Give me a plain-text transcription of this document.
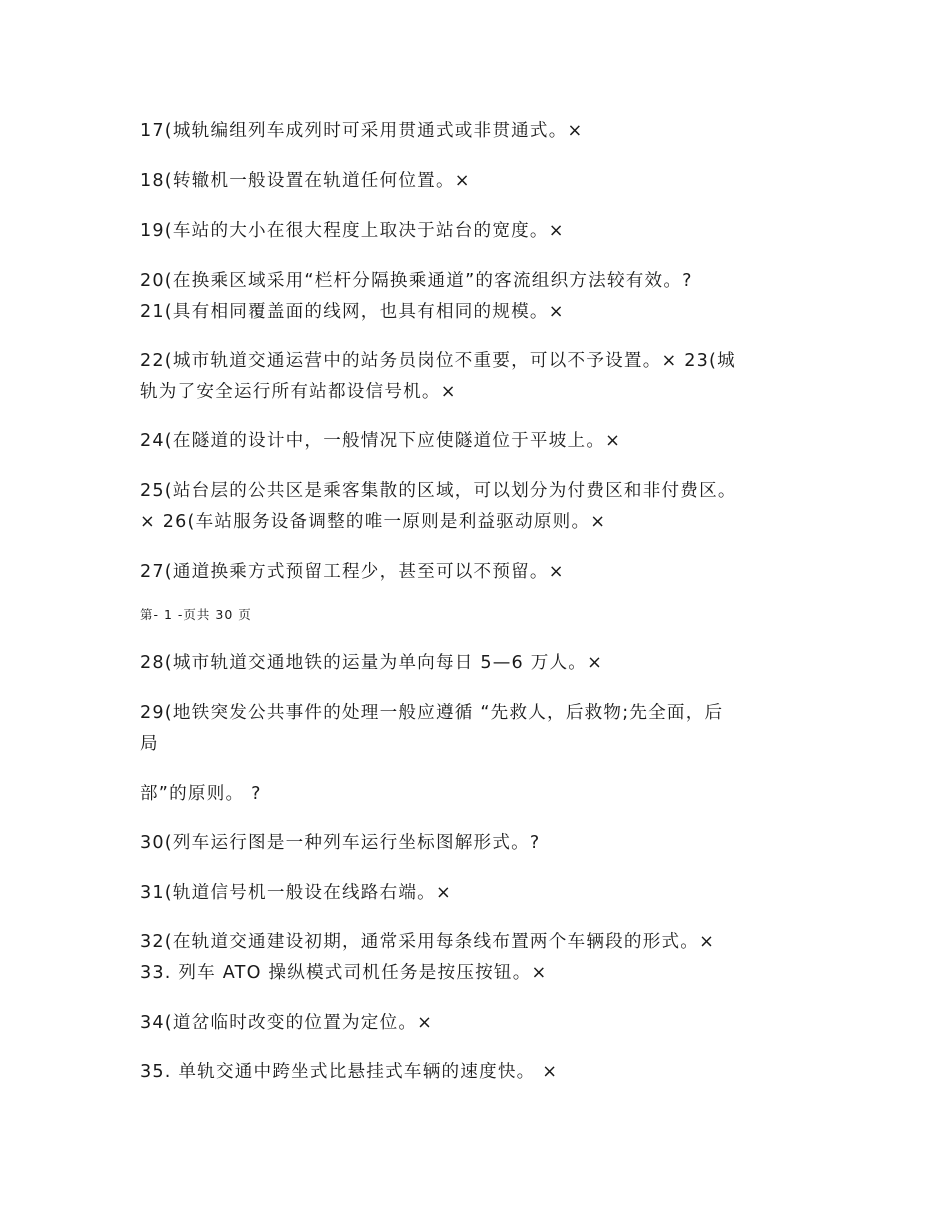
17(城轨编组列车成列时可采用贯通式或非贯通式。×

18(转辙机一般设置在轨道任何位置。×

19(车站的大小在很大程度上取决于站台的宽度。×

20(在换乘区域采用“栏杆分隔换乘通道”的客流组织方法较有效。?

21(具有相同覆盖面的线网，也具有相同的规模。×

22(城市轨道交通运营中的站务员岗位不重要，可以不予设置。× 23(城

轨为了安全运行所有站都设信号机。×

24(在隧道的设计中，一般情况下应使隧道位于平坡上。×

25(站台层的公共区是乘客集散的区域，可以划分为付费区和非付费区。

× 26(车站服务设备调整的唯一原则是利益驱动原则。×

27(通道换乘方式预留工程少，甚至可以不预留。×

第- 1 -页共 30 页

28(城市轨道交通地铁的运量为单向每日 5—6 万人。×

29(地铁突发公共事件的处理一般应遵循 “先救人，后救物;先全面，后

局

部”的原则。 ?

30(列车运行图是一种列车运行坐标图解形式。?

31(轨道信号机一般设在线路右端。×

32(在轨道交通建设初期，通常采用每条线布置两个车辆段的形式。×

33. 列车 ATO 操纵模式司机任务是按压按钮。×

34(道岔临时改变的位置为定位。×

35. 单轨交通中跨坐式比悬挂式车辆的速度快。 ×
